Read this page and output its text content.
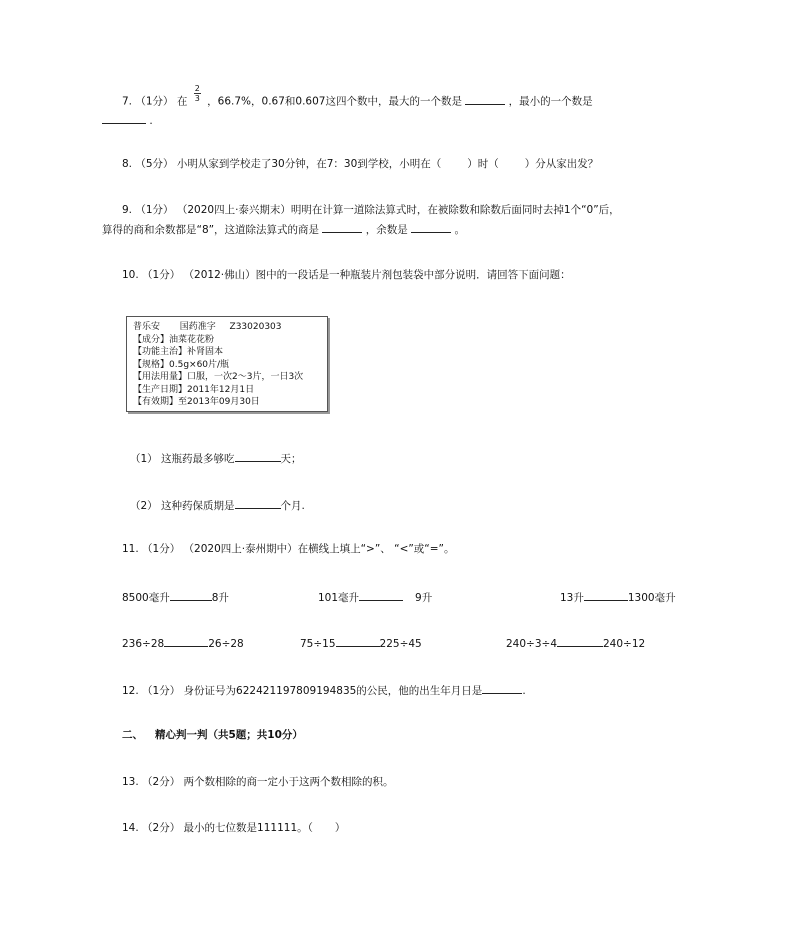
7. （1分） 在 $\frac{2}{3}$ ，66.7%，0.67和0.607这四个数中，最大的一个数是	，最小的一个数是
.
8. （5分） 小明从家到学校走了30分钟，在7：30到学校，小明在（ ）时（ ）分从家出发？
9. （1分） （2020四上·泰兴期末）明明在计算一道除法算式时，在被除数和除数后面同时去掉1个“0”后，
算得的商和余数都是“8”，这道除法算式的商是	，余数是	。
10. （1分） （2012·佛山）图中的一段话是一种瓶装片剂包装袋中部分说明．请回答下面问题：
普乐安 国药准字 Z33020303
【成分】油菜花花粉
【功能主治】补肾固本
【规格】0.5g×60片/瓶
【用法用量】口服，一次2～3片，一日3次
【生产日期】2011年12月1日
【有效期】至2013年09月30日
（1） 这瓶药最多够吃	天；
（2） 这种药保质期是	个月.
11. （1分） （2020四上·泰州期中）在横线上填上“>”、 “<”或“=”。
8500毫升	8升	101毫升	9升	13升	1300毫升
236÷28	26÷28	75÷15	225÷45	240÷3÷4	240÷12
12. （1分） 身份证号为622421197809194835的公民，他的出生年月日是	.
二、 精心判一判（共5题；共10分）
13. （2分） 两个数相除的商一定小于这两个数相除的积。
14. （2分） 最小的七位数是111111。（ ）
